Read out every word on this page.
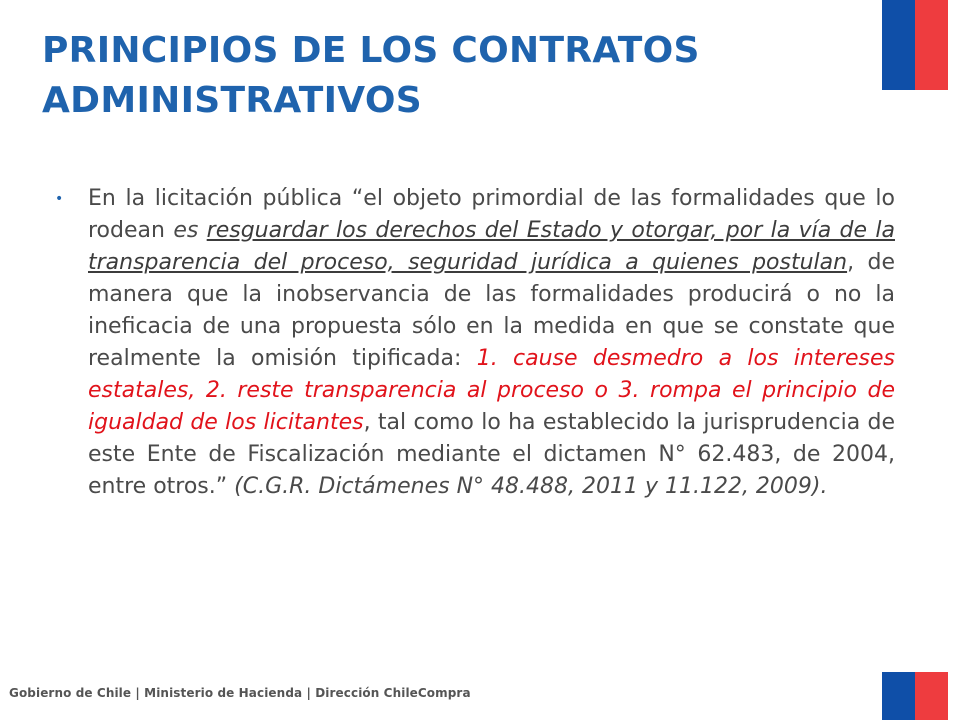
PRINCIPIOS DE LOS CONTRATOS
ADMINISTRATIVOS
• En la licitación pública “el objeto primordial de las formalidades que lo rodean es resguardar los derechos del Estado y otorgar, por la vía de la transparencia del proceso, seguridad jurídica a quienes postulan, de manera que la inobservancia de las formalidades producirá o no la ineficacia de una propuesta sólo en la medida en que se constate que realmente la omisión tipificada: 1. cause desmedro a los intereses estatales, 2. reste transparencia al proceso o 3. rompa el principio de igualdad de los licitantes, tal como lo ha establecido la jurisprudencia de este Ente de Fiscalización mediante el dictamen N° 62.483, de 2004, entre otros.” (C.G.R. Dictámenes N° 48.488, 2011 y 11.122, 2009).

Gobierno de Chile | Ministerio de Hacienda | Dirección ChileCompra
